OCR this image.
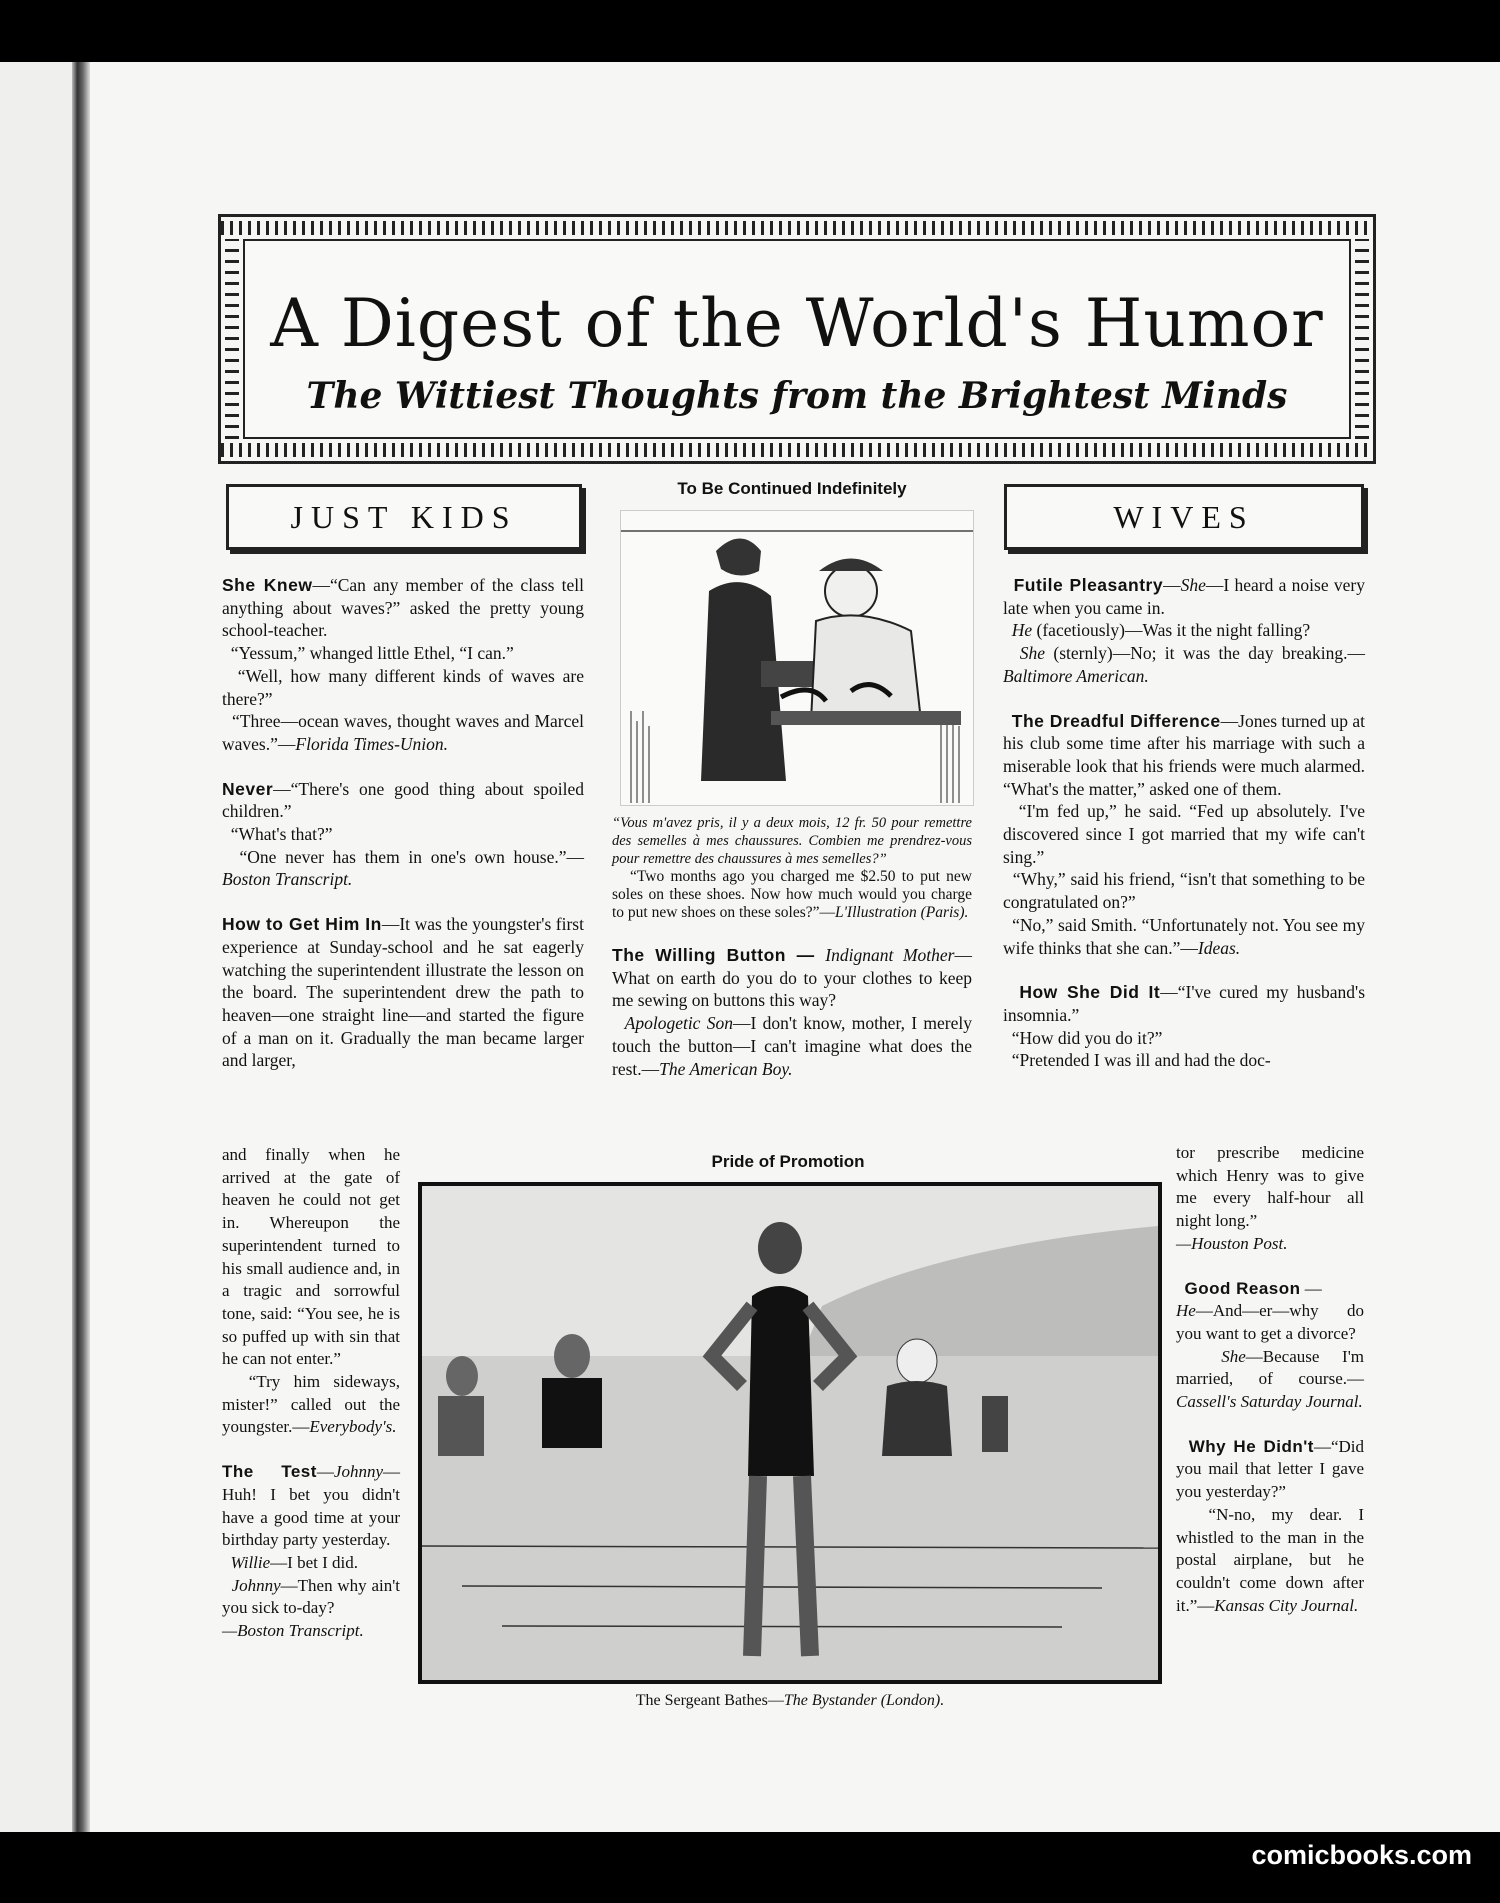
A Digest of the World's Humor
The Wittiest Thoughts from the Brightest Minds
JUST KIDS	WIVES

She Knew—“Can any member of the class tell anything about waves?” asked the pretty young school-teacher.

“Yessum,” whanged little Ethel, “I can.”

“Well, how many different kinds of waves are there?”

“Three—ocean waves, thought waves and Marcel waves.”—Florida Times-Union.

Never—“There's one good thing about spoiled children.”

“What's that?”

“One never has them in one's own house.”—Boston Transcript.

How to Get Him In—It was the youngster's first experience at Sunday-school and he sat eagerly watching the superintendent illustrate the lesson on the board. The superintendent drew the path to heaven—one straight line—and started the figure of a man on it. Gradually the man became larger and larger,

and finally when he arrived at the gate of heaven he could not get in. Whereupon the superintendent turned to his small audience and, in a tragic and sorrowful tone, said: “You see, he is so puffed up with sin that he can not enter.”

“Try him sideways, mister!” called out the youngster.—Everybody's.

The Test—Johnny—Huh! I bet you didn't have a good time at your birthday party yesterday.

Willie—I bet I did.

Johnny—Then why ain't you sick to-day?

—Boston Transcript.

To Be Continued Indefinitely

“Vous m'avez pris, il y a deux mois, 12 fr. 50 pour remettre des semelles à mes chaussures. Combien me prendrez-vous pour remettre des chaussures à mes semelles?”

“Two months ago you charged me $2.50 to put new soles on these shoes. Now how much would you charge to put new shoes on these soles?”—L'Illustration (Paris).

The Willing Button — Indignant Mother—What on earth do you do to your clothes to keep me sewing on buttons this way?

Apologetic Son—I don't know, mother, I merely touch the button—I can't imagine what does the rest.—The American Boy.

Pride of Promotion
The Sergeant Bathes—The Bystander (London).

Futile Pleasantry—She—I heard a noise very late when you came in.

He (facetiously)—Was it the night falling?

She (sternly)—No; it was the day breaking.—Baltimore American.

The Dreadful Difference—Jones turned up at his club some time after his marriage with such a miserable look that his friends were much alarmed. “What's the matter,” asked one of them.

“I'm fed up,” he said. “Fed up absolutely. I've discovered since I got married that my wife can't sing.”

“Why,” said his friend, “isn't that something to be congratulated on?”

“No,” said Smith. “Unfortunately not. You see my wife thinks that she can.”—Ideas.

How She Did It—“I've cured my husband's insomnia.”

“How did you do it?”

“Pretended I was ill and had the doc-

tor prescribe medicine which Henry was to give me every half-hour all night long.”

—Houston Post.

Good Reason —

He—And—er—why do you want to get a divorce?

She—Because I'm married, of course.—Cassell's Saturday Journal.

Why He Didn't—“Did you mail that letter I gave you yesterday?”

“N-no, my dear. I whistled to the man in the postal airplane, but he couldn't come down after it.”—Kansas City Journal.

comicbooks.com
